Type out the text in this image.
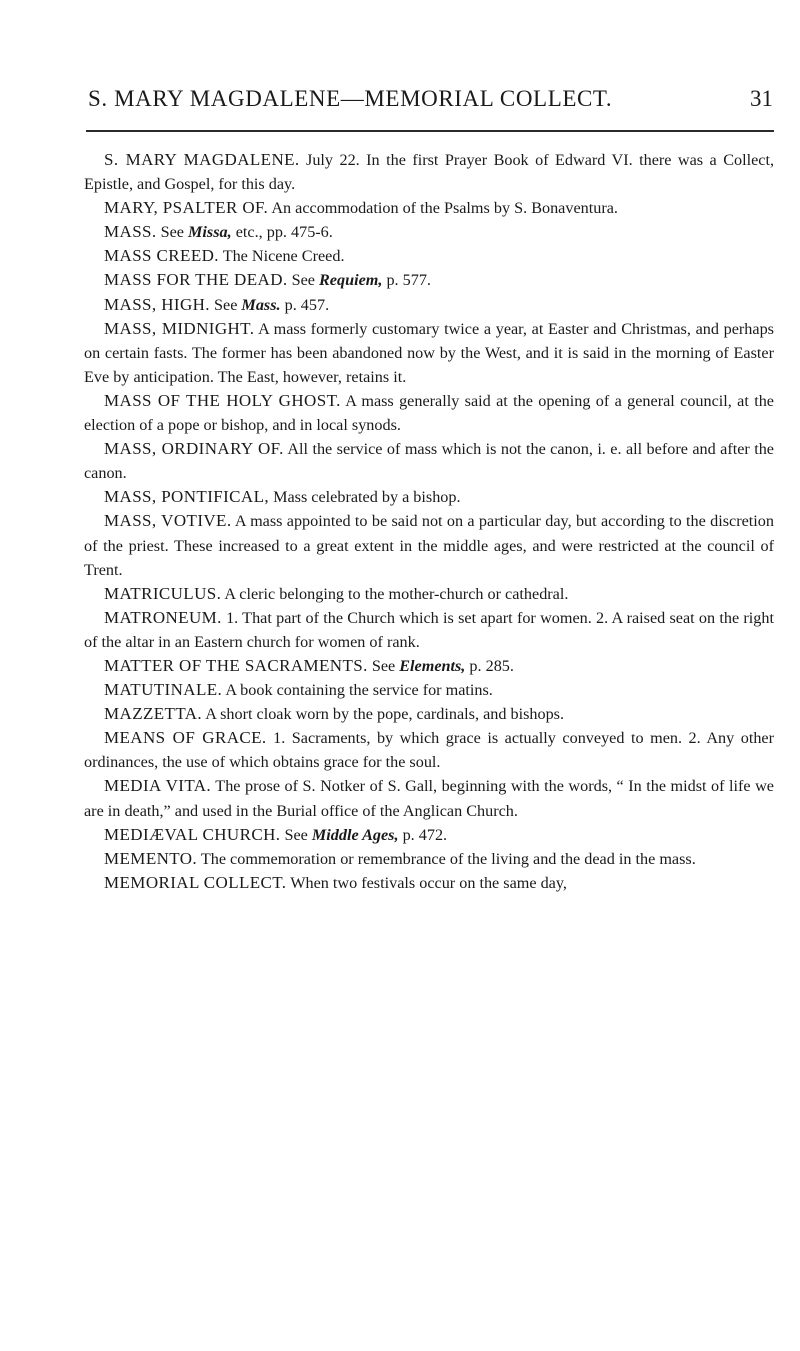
S. MARY MAGDALENE—MEMORIAL COLLECT.	31

S. MARY MAGDALENE. July 22. In the first Prayer Book of Edward VI. there was a Collect, Epistle, and Gospel, for this day.

MARY, PSALTER OF. An accommodation of the Psalms by S. Bonaventura.

MASS. See Missa, etc., pp. 475-6.

MASS CREED. The Nicene Creed.

MASS FOR THE DEAD. See Requiem, p. 577.

MASS, HIGH. See Mass. p. 457.

MASS, MIDNIGHT. A mass formerly customary twice a year, at Easter and Christmas, and perhaps on certain fasts. The former has been abandoned now by the West, and it is said in the morning of Easter Eve by anticipation. The East, however, retains it.

MASS OF THE HOLY GHOST. A mass generally said at the opening of a general council, at the election of a pope or bishop, and in local synods.

MASS, ORDINARY OF. All the service of mass which is not the canon, i. e. all before and after the canon.

MASS, PONTIFICAL, Mass celebrated by a bishop.

MASS, VOTIVE. A mass appointed to be said not on a particular day, but according to the discretion of the priest. These increased to a great extent in the middle ages, and were restricted at the council of Trent.

MATRICULUS. A cleric belonging to the mother-church or cathedral.

MATRONEUM. 1. That part of the Church which is set apart for women. 2. A raised seat on the right of the altar in an Eastern church for women of rank.

MATTER OF THE SACRAMENTS. See Elements, p. 285.

MATUTINALE. A book containing the service for matins.

MAZZETTA. A short cloak worn by the pope, cardinals, and bishops.

MEANS OF GRACE. 1. Sacraments, by which grace is actually conveyed to men. 2. Any other ordinances, the use of which obtains grace for the soul.

MEDIA VITA. The prose of S. Notker of S. Gall, beginning with the words, “ In the midst of life we are in death,” and used in the Burial office of the Anglican Church.

MEDIÆVAL CHURCH. See Middle Ages, p. 472.

MEMENTO. The commemoration or remembrance of the living and the dead in the mass.

MEMORIAL COLLECT. When two festivals occur on the same day,
